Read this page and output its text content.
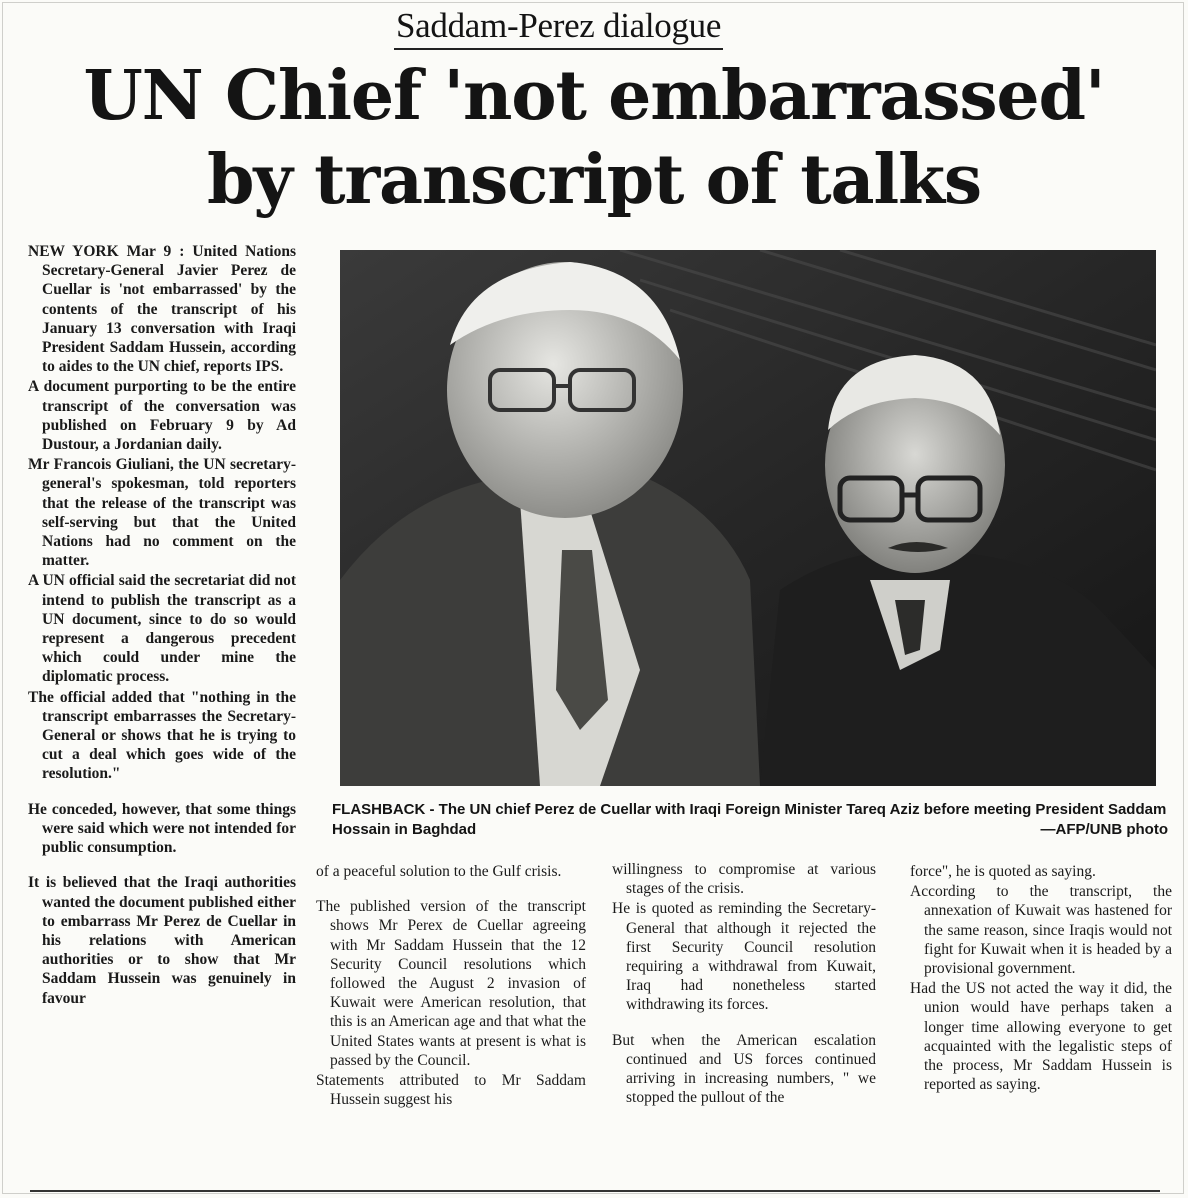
Saddam-Perez dialogue
UN Chief 'not embarrassed'
by transcript of talks

NEW YORK Mar 9 : United Nations Secretary-General Javier Perez de Cuellar is 'not embarrassed' by the contents of the transcript of his January 13 conversation with Iraqi President Saddam Hussein, according to aides to the UN chief, reports IPS.

A document purporting to be the entire transcript of the conversation was published on February 9 by Ad Dustour, a Jordanian daily.

Mr Francois Giuliani, the UN secretary-general's spokesman, told reporters that the release of the transcript was self-serving but that the United Nations had no comment on the matter.

A UN official said the secretariat did not intend to publish the transcript as a UN document, since to do so would represent a dangerous precedent which could under mine the diplomatic process.

The official added that "nothing in the transcript embarrasses the Secretary-General or shows that he is trying to cut a deal which goes wide of the resolution."

He conceded, however, that some things were said which were not intended for public consumption.

It is believed that the Iraqi authorities wanted the document published either to embarrass Mr Perez de Cuellar in his relations with American authorities or to show that Mr Saddam Hussein was genuinely in favour

FLASHBACK - The UN chief Perez de Cuellar with Iraqi Foreign Minister Tareq Aziz before meeting President Saddam Hossain in Baghdad	—AFP/UNB photo

of a peaceful solution to the Gulf crisis.

The published version of the transcript shows Mr Perex de Cuellar agreeing with Mr Saddam Hussein that the 12 Security Council resolutions which followed the August 2 invasion of Kuwait were American resolution, that this is an American age and that what the United States wants at present is what is passed by the Council.

Statements attributed to Mr Saddam Hussein suggest his

willingness to compromise at various stages of the crisis.

He is quoted as reminding the Secretary-General that although it rejected the first Security Council resolution requiring a withdrawal from Kuwait, Iraq had nonetheless started withdrawing its forces.

But when the American escalation continued and US forces continued arriving in increasing numbers, " we stopped the pullout of the

force", he is quoted as saying.

According to the transcript, the annexation of Kuwait was hastened for the same reason, since Iraqis would not fight for Kuwait when it is headed by a provisional government.

Had the US not acted the way it did, the union would have perhaps taken a longer time allowing everyone to get acquainted with the legalistic steps of the process, Mr Saddam Hussein is reported as saying.
